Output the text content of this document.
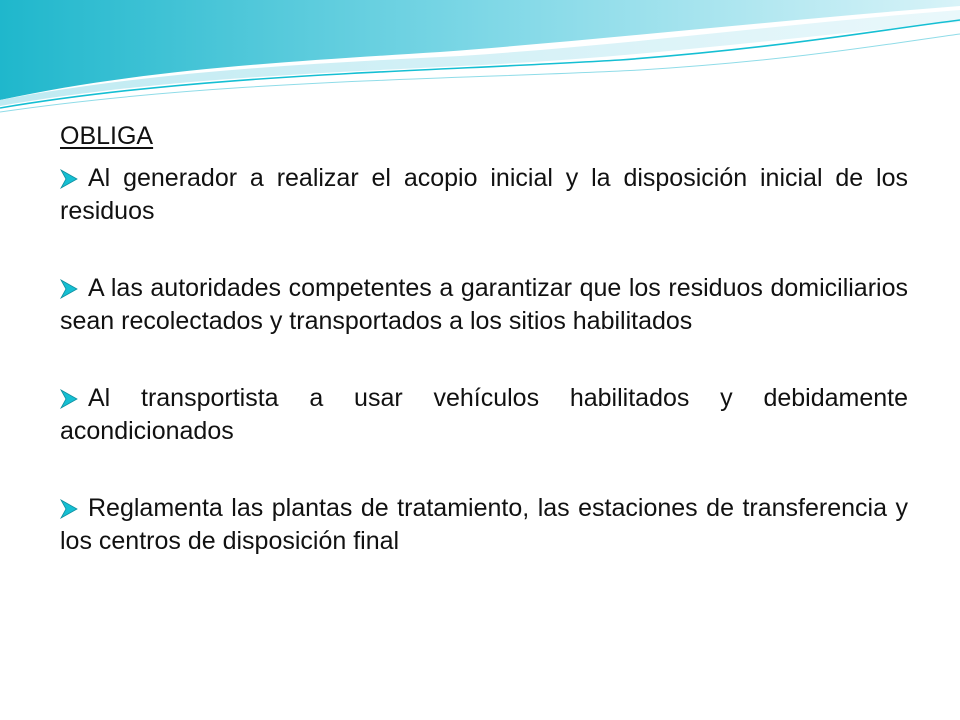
OBLIGA

Al generador a realizar el acopio inicial y la disposición inicial de los residuos
A las autoridades competentes a garantizar que los residuos domiciliarios sean recolectados y transportados a los sitios habilitados
Al transportista a usar vehículos habilitados y debidamente acondicionados
Reglamenta las plantas de tratamiento, las estaciones de transferencia y los centros de disposición final
